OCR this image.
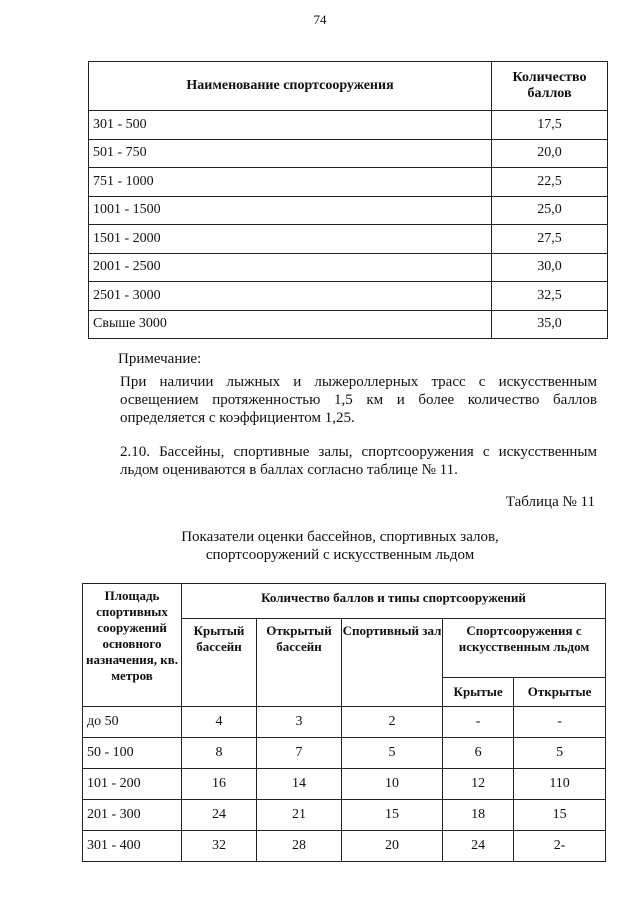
74
Наименование спортсооружения	Количество баллов
301 - 500	17,5
501 - 750	20,0
751 - 1000	22,5
1001 - 1500	25,0
1501 - 2000	27,5
2001 - 2500	30,0
2501 - 3000	32,5
Свыше 3000	35,0
Примечание:
При наличии лыжных и лыжероллерных трасс с искусственным освещением протяженностью 1,5 км и более количество баллов определяется с коэффициентом 1,25.
2.10. Бассейны, спортивные залы, спортсооружения с искусственным льдом оцениваются в баллах согласно таблице № 11.
Таблица № 11
Показатели оценки бассейнов, спортивных залов, спортсооружений с искусственным льдом
Площадь спортивных сооружений основного назначения, кв. метров	Количество баллов и типы спортсооружений				
	Крытый бассейн	Открытый бассейн	Спортивный зал	Спортсооружения с искусственным льдом	
				Крытые	Открытые
до 50	4	3	2	-	-
50 - 100	8	7	5	6	5
101 - 200	16	14	10	12	110
201 - 300	24	21	15	18	15
301 - 400	32	28	20	24	2-
